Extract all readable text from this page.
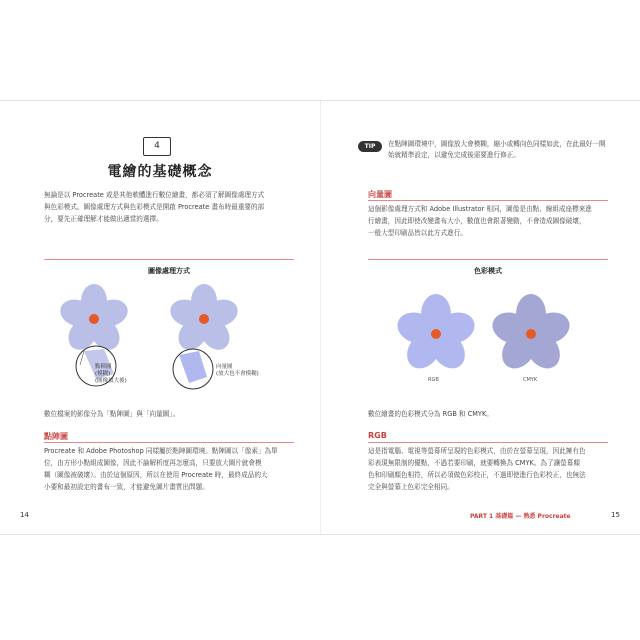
4
電繪的基礎概念
無論是以 Procreate 或是其他軟體進行數位繪畫，都必須了解圖像處理方式
與色彩模式。圖像處理方式與色彩模式是開啟 Procreate 畫布時最重要的部
分，要先正確理解才能做出適當的選擇。
圖像處理方式
點陣圖
(模糊)
(圖像放大後)
向量圖
(放大也不會模糊)
數位檔案的影像分為「點陣圖」與「向量圖」。
點陣圖
Procreate 和 Adobe Photoshop 同樣屬於點陣圖環境。點陣圖以「像素」為單
位，由方形小點組成圖像，因此不論解析度再怎麼高，只要放大圖片就會模
糊（圖像被破壞）。由於這個原因，所以在使用 Procreate 時，最終成品的大
小要和最初設定的畫布一致，才能避免圖片畫質出問題。
14
TIP	在點陣圖環境中，圖像放大會模糊，縮小或轉向色同樣如此，在此最好一開
始就精準設定，以避免完成後需要進行修正。
向量圖
這個影像處理方式和 Adobe Illustrator 相同，圖像是由點、線組成座標來進
行繪畫，因此即使改變畫布大小，數值也會跟著變動，不會造成圖像破壞，
一般大型印刷品皆以此方式進行。
色彩模式
RGB	CMYK
數位繪畫的色彩模式分為 RGB 和 CMYK。
RGB
這是指電腦、電視等螢幕所呈現的色彩模式，由於在螢幕呈現，因此擁有色
彩表現無限制的優點，不過若要印刷，就要轉換為 CMYK。為了讓螢幕顏
色和印刷顏色相符，所以必須做色彩校正，不過即使進行色彩校正，也無法
完全與螢幕上色彩完全相同。
PART 1 基礎篇 — 熟悉 Procreate	15
